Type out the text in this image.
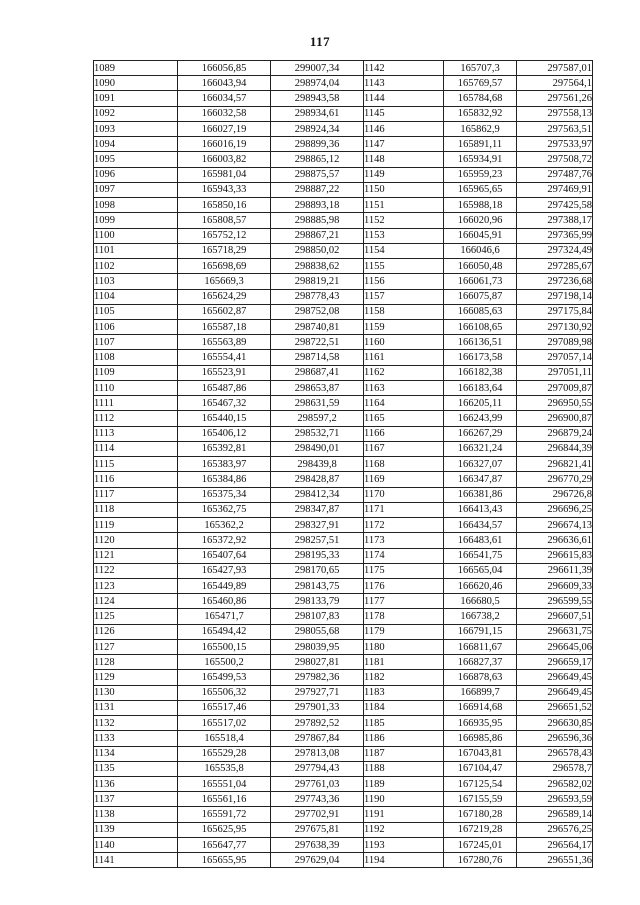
117
1089	166056,85	299007,34	1142	165707,3	297587,01
1090	166043,94	298974,04	1143	165769,57	297564,1
1091	166034,57	298943,58	1144	165784,68	297561,26
1092	166032,58	298934,61	1145	165832,92	297558,13
1093	166027,19	298924,34	1146	165862,9	297563,51
1094	166016,19	298899,36	1147	165891,11	297533,97
1095	166003,82	298865,12	1148	165934,91	297508,72
1096	165981,04	298875,57	1149	165959,23	297487,76
1097	165943,33	298887,22	1150	165965,65	297469,91
1098	165850,16	298893,18	1151	165988,18	297425,58
1099	165808,57	298885,98	1152	166020,96	297388,17
1100	165752,12	298867,21	1153	166045,91	297365,99
1101	165718,29	298850,02	1154	166046,6	297324,49
1102	165698,69	298838,62	1155	166050,48	297285,67
1103	165669,3	298819,21	1156	166061,73	297236,68
1104	165624,29	298778,43	1157	166075,87	297198,14
1105	165602,87	298752,08	1158	166085,63	297175,84
1106	165587,18	298740,81	1159	166108,65	297130,92
1107	165563,89	298722,51	1160	166136,51	297089,98
1108	165554,41	298714,58	1161	166173,58	297057,14
1109	165523,91	298687,41	1162	166182,38	297051,11
1110	165487,86	298653,87	1163	166183,64	297009,87
1111	165467,32	298631,59	1164	166205,11	296950,55
1112	165440,15	298597,2	1165	166243,99	296900,87
1113	165406,12	298532,71	1166	166267,29	296879,24
1114	165392,81	298490,01	1167	166321,24	296844,39
1115	165383,97	298439,8	1168	166327,07	296821,41
1116	165384,86	298428,87	1169	166347,87	296770,29
1117	165375,34	298412,34	1170	166381,86	296726,8
1118	165362,75	298347,87	1171	166413,43	296696,25
1119	165362,2	298327,91	1172	166434,57	296674,13
1120	165372,92	298257,51	1173	166483,61	296636,61
1121	165407,64	298195,33	1174	166541,75	296615,83
1122	165427,93	298170,65	1175	166565,04	296611,39
1123	165449,89	298143,75	1176	166620,46	296609,33
1124	165460,86	298133,79	1177	166680,5	296599,55
1125	165471,7	298107,83	1178	166738,2	296607,51
1126	165494,42	298055,68	1179	166791,15	296631,75
1127	165500,15	298039,95	1180	166811,67	296645,06
1128	165500,2	298027,81	1181	166827,37	296659,17
1129	165499,53	297982,36	1182	166878,63	296649,45
1130	165506,32	297927,71	1183	166899,7	296649,45
1131	165517,46	297901,33	1184	166914,68	296651,52
1132	165517,02	297892,52	1185	166935,95	296630,85
1133	165518,4	297867,84	1186	166985,86	296596,36
1134	165529,28	297813,08	1187	167043,81	296578,43
1135	165535,8	297794,43	1188	167104,47	296578,7
1136	165551,04	297761,03	1189	167125,54	296582,02
1137	165561,16	297743,36	1190	167155,59	296593,59
1138	165591,72	297702,91	1191	167180,28	296589,14
1139	165625,95	297675,81	1192	167219,28	296576,25
1140	165647,77	297638,39	1193	167245,01	296564,17
1141	165655,95	297629,04	1194	167280,76	296551,36
